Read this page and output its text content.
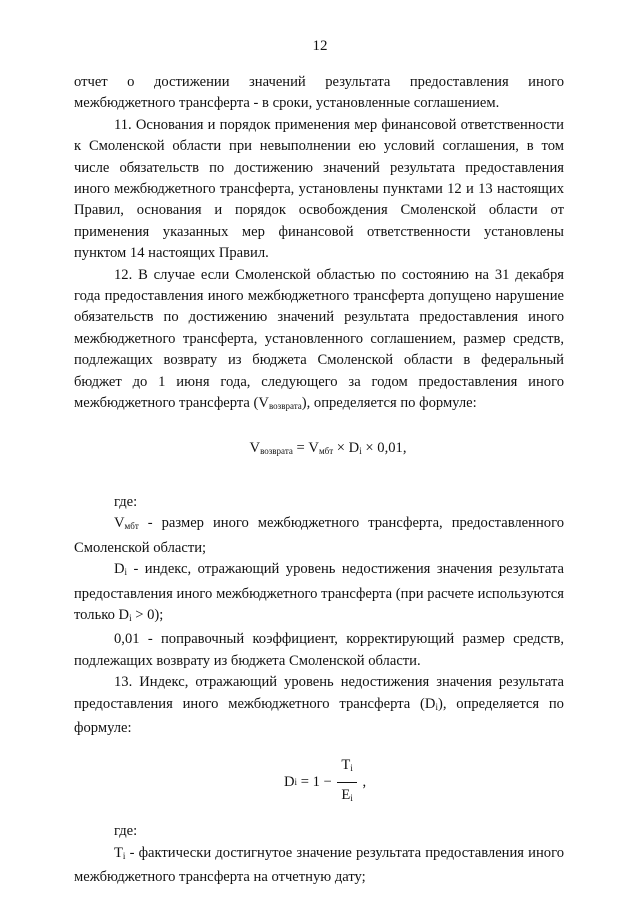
12

отчет о достижении значений результата предоставления иного межбюджетного трансферта - в сроки, установленные соглашением.

11. Основания и порядок применения мер финансовой ответственности к Смоленской области при невыполнении ею условий соглашения, в том числе обязательств по достижению значений результата предоставления иного межбюджетного трансферта, установлены пунктами 12 и 13 настоящих Правил, основания и порядок освобождения Смоленской области от применения указанных мер финансовой ответственности установлены пунктом 14 настоящих Правил.

12. В случае если Смоленской областью по состоянию на 31 декабря года предоставления иного межбюджетного трансферта допущено нарушение обязательств по достижению значений результата предоставления иного межбюджетного трансферта, установленного соглашением, размер средств, подлежащих возврату из бюджета Смоленской области в федеральный бюджет до 1 июня года, следующего за годом предоставления иного межбюджетного трансферта $(V_{возврата})$, определяется по формуле:

$V_{возврата} = V_{мбт} \times D_i \times 0,01$,

где:

$V_{мбт}$ - размер иного межбюджетного трансферта, предоставленного Смоленской области;

$D_i$ - индекс, отражающий уровень недостижения значения результата предоставления иного межбюджетного трансферта (при расчете используются только $D_i > 0$);

0,01 - поправочный коэффициент, корректирующий размер средств, подлежащих возврату из бюджета Смоленской области.

13. Индекс, отражающий уровень недостижения значения результата предоставления иного межбюджетного трансферта $(D_i)$, определяется по формуле:

D $i = 1 - \frac{T_i}{E_i}$ ,

где:

$T_i$ - фактически достигнутое значение результата предоставления иного межбюджетного трансферта на отчетную дату;
